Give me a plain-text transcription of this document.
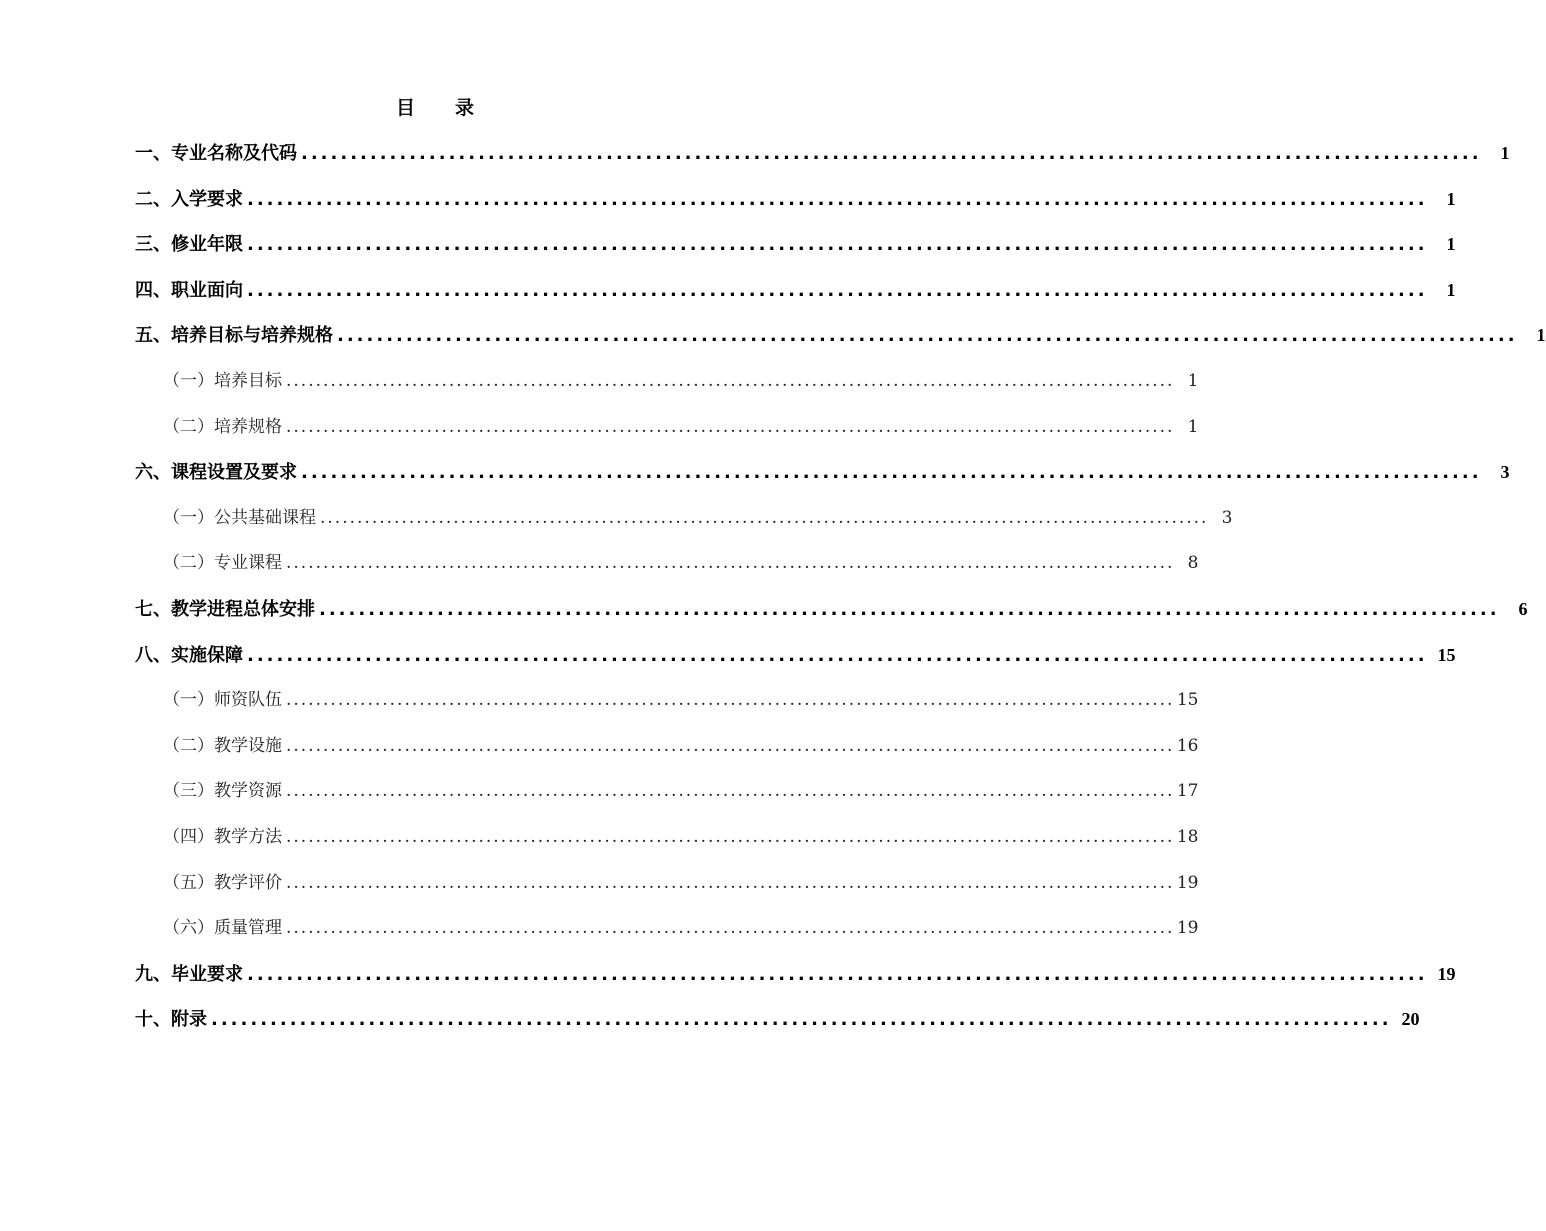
目 录
一、专业名称及代码 ........................................................................................................................	1
二、入学要求 ........................................................................................................................	1
三、修业年限 ........................................................................................................................	1
四、职业面向 ........................................................................................................................	1
五、培养目标与培养规格 ........................................................................................................................	1
（一）培养目标 ........................................................................................................................ 1
（二）培养规格 ........................................................................................................................ 1
六、课程设置及要求 ........................................................................................................................	3
（一）公共基础课程 ........................................................................................................................ 3
（二）专业课程 ........................................................................................................................ 8
七、教学进程总体安排 ........................................................................................................................	6
八、实施保障 ........................................................................................................................ 15
（一）师资队伍 ........................................................................................................................ 15
（二）教学设施 ........................................................................................................................ 16
（三）教学资源 ........................................................................................................................ 17
（四）教学方法 ........................................................................................................................ 18
（五）教学评价 ........................................................................................................................ 19
（六）质量管理 ........................................................................................................................ 19
九、毕业要求 ........................................................................................................................ 19
十、附录 ........................................................................................................................ 20
